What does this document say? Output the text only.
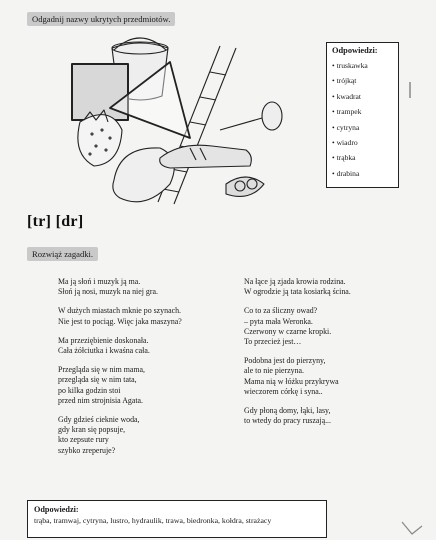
Odgadnij nazwy ukrytych przedmiotów.
Odpowiedzi:
• truskawka
• trójkąt
• kwadrat
• trampek
• cytryna
• wiadro
• trąbka
• drabina
[tr] [dr]
Rozwiąż zagadki.
Ma ją słoń i muzyk ją ma.
Słoń ją nosi, muzyk na niej gra.
W dużych miastach mknie po szynach.
Nie jest to pociąg. Więc jaka maszyna?
Ma przeziębienie doskonała.
Cała żółciutka i kwaśna cała.
Przegląda się w nim mama,
przegląda się w nim tata,
po kilka godzin stoi
przed nim strojnisia Agata.
Gdy gdzieś cieknie woda,
gdy kran się popsuje,
kto zepsute rury
szybko zreperuje?
Na łące ją zjada krowia rodzina.
W ogrodzie ją tata kosiarką ścina.
Co to za śliczny owad?
– pyta mała Weronka.
Czerwony w czarne kropki.
To przecież jest…
Podobna jest do pierzyny,
ale to nie pierzyna.
Mama nią w łóżku przykrywa
wieczorem córkę i syna..
Gdy płoną domy, łąki, lasy,
to wtedy do pracy ruszają...
Odpowiedzi:
trąba, tramwaj, cytryna, lustro, hydraulik, trawa, biedronka, kołdra, strażacy
